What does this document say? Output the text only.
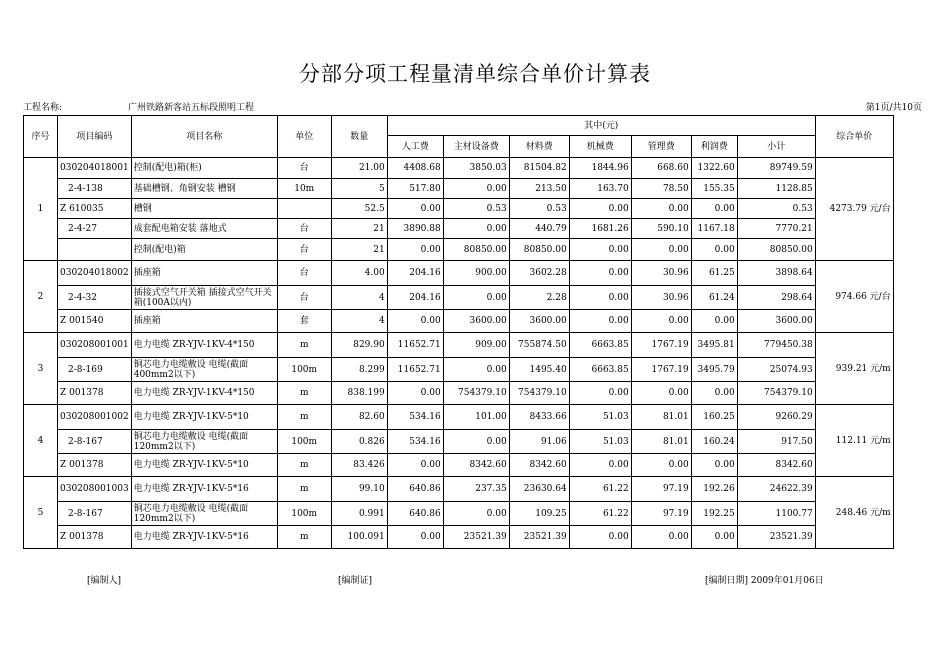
分部分项工程量清单综合单价计算表
工程名称:	广州铁路新客站五标段照明工程	第1页/共10页
序号	项目编码	项目名称	单位	数量	其中(元)							综合单价
					人工费	主材设备费	材料费	机械费	管理费	利润费	小计	
1	030204018001	控制(配电)箱(柜)	台	21.00	4408.68	3850.03	81504.82	1844.96	668.60	1322.60	89749.59	4273.79 元/台
	2-4-138	基础槽钢、角钢安装 槽钢	10m	5	517.80	0.00	213.50	163.70	78.50	155.35	1128.85	
	Z 610035	槽钢		52.5	0.00	0.53	0.53	0.00	0.00	0.00	0.53	
	2-4-27	成套配电箱安装 落地式	台	21	3890.88	0.00	440.79	1681.26	590.10	1167.18	7770.21	
		控制(配电)箱	台	21	0.00	80850.00	80850.00	0.00	0.00	0.00	80850.00	
2	030204018002	插座箱	台	4.00	204.16	900.00	3602.28	0.00	30.96	61.25	3898.64	974.66 元/台
	2-4-32	插接式空气开关箱 插接式空气开关箱(100A以内)	台	4	204.16	0.00	2.28	0.00	30.96	61.24	298.64	
	Z 001540	插座箱	套	4	0.00	3600.00	3600.00	0.00	0.00	0.00	3600.00	
3	030208001001	电力电缆 ZR-YJV-1KV-4*150	m	829.90	11652.71	909.00	755874.50	6663.85	1767.19	3495.81	779450.38	939.21 元/m
	2-8-169	铜芯电力电缆敷设 电缆(截面400mm2以下)	100m	8.299	11652.71	0.00	1495.40	6663.85	1767.19	3495.79	25074.93	
	Z 001378	电力电缆 ZR-YJV-1KV-4*150	m	838.199	0.00	754379.10	754379.10	0.00	0.00	0.00	754379.10	
4	030208001002	电力电缆 ZR-YJV-1KV-5*10	m	82.60	534.16	101.00	8433.66	51.03	81.01	160.25	9260.29	112.11 元/m
	2-8-167	铜芯电力电缆敷设 电缆(截面120mm2以下)	100m	0.826	534.16	0.00	91.06	51.03	81.01	160.24	917.50	
	Z 001378	电力电缆 ZR-YJV-1KV-5*10	m	83.426	0.00	8342.60	8342.60	0.00	0.00	0.00	8342.60	
5	030208001003	电力电缆 ZR-YJV-1KV-5*16	m	99.10	640.86	237.35	23630.64	61.22	97.19	192.26	24622.39	248.46 元/m
	2-8-167	铜芯电力电缆敷设 电缆(截面120mm2以下)	100m	0.991	640.86	0.00	109.25	61.22	97.19	192.25	1100.77	
	Z 001378	电力电缆 ZR-YJV-1KV-5*16	m	100.091	0.00	23521.39	23521.39	0.00	0.00	0.00	23521.39	
[编制人]	[编制证]	[编制日期] 2009年01月06日
